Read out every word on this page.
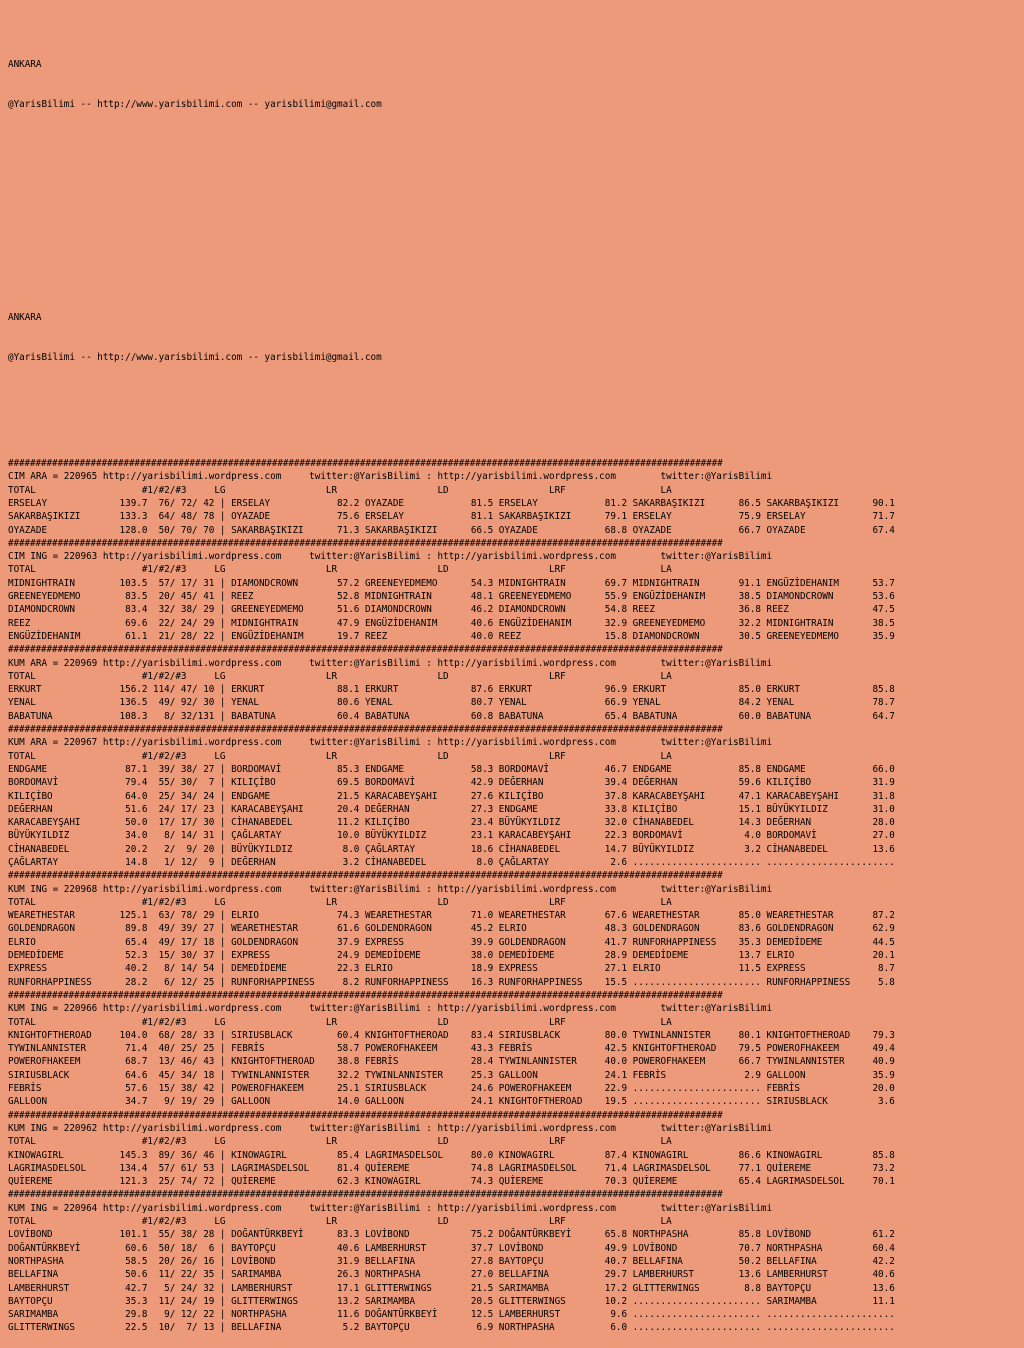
ANKARA

@YarisBilimi -- http://www.yarisbilimi.com -- yarisbilimi@gmail.com

ANKARA

@YarisBilimi -- http://www.yarisbilimi.com -- yarisbilimi@gmail.com

##################################################################################################################################
CIM ARA = 220965 http://yarisbilimi.wordpress.com     twitter:@YarisBilimi : http://yarisbilimi.wordpress.com        twitter:@YarisBilimi
TOTAL                   #1/#2/#3     LG                  LR                  LD                  LRF                 LA
ERSELAY             139.7  76/ 72/ 42 | ERSELAY            82.2 OYAZADE            81.5 ERSELAY            81.2 SAKARBAŞIKIZI      86.5 SAKARBAŞIKIZI      90.1
SAKARBAŞIKIZI       133.3  64/ 48/ 78 | OYAZADE            75.6 ERSELAY            81.1 SAKARBAŞIKIZI      79.1 ERSELAY            75.9 ERSELAY            71.7
OYAZADE             128.0  50/ 70/ 70 | SAKARBAŞIKIZI      71.3 SAKARBAŞIKIZI      66.5 OYAZADE            68.8 OYAZADE            66.7 OYAZADE            67.4
##################################################################################################################################
CIM ING = 220963 http://yarisbilimi.wordpress.com     twitter:@YarisBilimi : http://yarisbilimi.wordpress.com        twitter:@YarisBilimi
TOTAL                   #1/#2/#3     LG                  LR                  LD                  LRF                 LA
MIDNIGHTRAIN        103.5  57/ 17/ 31 | DIAMONDCROWN       57.2 GREENEYEDMEMO      54.3 MIDNIGHTRAIN       69.7 MIDNIGHTRAIN       91.1 ENGÜZİDEHANIM      53.7
GREENEYEDMEMO        83.5  20/ 45/ 41 | REEZ               52.8 MIDNIGHTRAIN       48.1 GREENEYEDMEMO      55.9 ENGÜZİDEHANIM      38.5 DIAMONDCROWN       53.6
DIAMONDCROWN         83.4  32/ 38/ 29 | GREENEYEDMEMO      51.6 DIAMONDCROWN       46.2 DIAMONDCROWN       54.8 REEZ               36.8 REEZ               47.5
REEZ                 69.6  22/ 24/ 29 | MIDNIGHTRAIN       47.9 ENGÜZİDEHANIM      40.6 ENGÜZİDEHANIM      32.9 GREENEYEDMEMO      32.2 MIDNIGHTRAIN       38.5
ENGÜZİDEHANIM        61.1  21/ 28/ 22 | ENGÜZİDEHANIM      19.7 REEZ               40.0 REEZ               15.8 DIAMONDCROWN       30.5 GREENEYEDMEMO      35.9
##################################################################################################################################
KUM ARA = 220969 http://yarisbilimi.wordpress.com     twitter:@YarisBilimi : http://yarisbilimi.wordpress.com        twitter:@YarisBilimi
TOTAL                   #1/#2/#3     LG                  LR                  LD                  LRF                 LA
ERKURT              156.2 114/ 47/ 10 | ERKURT             88.1 ERKURT             87.6 ERKURT             96.9 ERKURT             85.0 ERKURT             85.8
YENAL               136.5  49/ 92/ 30 | YENAL              80.6 YENAL              80.7 YENAL              66.9 YENAL              84.2 YENAL              78.7
BABATUNA            108.3   8/ 32/131 | BABATUNA           60.4 BABATUNA           60.8 BABATUNA           65.4 BABATUNA           60.0 BABATUNA           64.7
##################################################################################################################################
KUM ARA = 220967 http://yarisbilimi.wordpress.com     twitter:@YarisBilimi : http://yarisbilimi.wordpress.com        twitter:@YarisBilimi
TOTAL                   #1/#2/#3     LG                  LR                  LD                  LRF                 LA
ENDGAME              87.1  39/ 38/ 27 | BORDOMAVİ          85.3 ENDGAME            58.3 BORDOMAVİ          46.7 ENDGAME            85.8 ENDGAME            66.0
BORDOMAVİ            79.4  55/ 30/  7 | KILIÇİBO           69.5 BORDOMAVİ          42.9 DEĞERHAN           39.4 DEĞERHAN           59.6 KILIÇİBO           31.9
KILIÇİBO             64.0  25/ 34/ 24 | ENDGAME            21.5 KARACABEYŞAHI      27.6 KILIÇİBO           37.8 KARACABEYŞAHI      47.1 KARACABEYŞAHI      31.8
DEĞERHAN             51.6  24/ 17/ 23 | KARACABEYŞAHI      20.4 DEĞERHAN           27.3 ENDGAME            33.8 KILIÇİBO           15.1 BÜYÜKYILDIZ        31.0
KARACABEYŞAHI        50.0  17/ 17/ 30 | CİHANABEDEL        11.2 KILIÇİBO           23.4 BÜYÜKYILDIZ        32.0 CİHANABEDEL        14.3 DEĞERHAN           28.0
BÜYÜKYILDIZ          34.0   8/ 14/ 31 | ÇAĞLARTAY          10.0 BÜYÜKYILDIZ        23.1 KARACABEYŞAHI      22.3 BORDOMAVİ           4.0 BORDOMAVİ          27.0
CİHANABEDEL          20.2   2/  9/ 20 | BÜYÜKYILDIZ         8.0 ÇAĞLARTAY          18.6 CİHANABEDEL        14.7 BÜYÜKYILDIZ         3.2 CİHANABEDEL        13.6
ÇAĞLARTAY            14.8   1/ 12/  9 | DEĞERHAN            3.2 CİHANABEDEL         8.0 ÇAĞLARTAY           2.6 ....................... .......................
##################################################################################################################################
KUM ING = 220968 http://yarisbilimi.wordpress.com     twitter:@YarisBilimi : http://yarisbilimi.wordpress.com        twitter:@YarisBilimi
TOTAL                   #1/#2/#3     LG                  LR                  LD                  LRF                 LA
WEARETHESTAR        125.1  63/ 78/ 29 | ELRIO              74.3 WEARETHESTAR       71.0 WEARETHESTAR       67.6 WEARETHESTAR       85.0 WEARETHESTAR       87.2
GOLDENDRAGON         89.8  49/ 39/ 27 | WEARETHESTAR       61.6 GOLDENDRAGON       45.2 ELRIO              48.3 GOLDENDRAGON       83.6 GOLDENDRAGON       62.9
ELRIO                65.4  49/ 17/ 18 | GOLDENDRAGON       37.9 EXPRESS            39.9 GOLDENDRAGON       41.7 RUNFORHAPPINESS    35.3 DEMEDİDEME         44.5
DEMEDİDEME           52.3  15/ 30/ 37 | EXPRESS            24.9 DEMEDİDEME         38.0 DEMEDİDEME         28.9 DEMEDİDEME         13.7 ELRIO              20.1
EXPRESS              40.2   8/ 14/ 54 | DEMEDİDEME         22.3 ELRIO              18.9 EXPRESS            27.1 ELRIO              11.5 EXPRESS             8.7
RUNFORHAPPINESS      28.2   6/ 12/ 25 | RUNFORHAPPINESS     8.2 RUNFORHAPPINESS    16.3 RUNFORHAPPINESS    15.5 ....................... RUNFORHAPPINESS     5.8
##################################################################################################################################
KUM ING = 220966 http://yarisbilimi.wordpress.com     twitter:@YarisBilimi : http://yarisbilimi.wordpress.com        twitter:@YarisBilimi
TOTAL                   #1/#2/#3     LG                  LR                  LD                  LRF                 LA
KNIGHTOFTHEROAD     104.0  68/ 28/ 33 | SIRIUSBLACK        60.4 KNIGHTOFTHEROAD    83.4 SIRIUSBLACK        80.0 TYWINLANNISTER     80.1 KNIGHTOFTHEROAD    79.3
TYWINLANNISTER       71.4  40/ 25/ 25 | FEBRİS             58.7 POWEROFHAKEEM      43.3 FEBRİS             42.5 KNIGHTOFTHEROAD    79.5 POWEROFHAKEEM      49.4
POWEROFHAKEEM        68.7  13/ 46/ 43 | KNIGHTOFTHEROAD    38.8 FEBRİS             28.4 TYWINLANNISTER     40.0 POWEROFHAKEEM      66.7 TYWINLANNISTER     40.9
SIRIUSBLACK          64.6  45/ 34/ 18 | TYWINLANNISTER     32.2 TYWINLANNISTER     25.3 GALLOON            24.1 FEBRİS              2.9 GALLOON            35.9
FEBRİS               57.6  15/ 38/ 42 | POWEROFHAKEEM      25.1 SIRIUSBLACK        24.6 POWEROFHAKEEM      22.9 ....................... FEBRİS             20.0
GALLOON              34.7   9/ 19/ 29 | GALLOON            14.0 GALLOON            24.1 KNIGHTOFTHEROAD    19.5 ....................... SIRIUSBLACK         3.6
##################################################################################################################################
KUM ING = 220962 http://yarisbilimi.wordpress.com     twitter:@YarisBilimi : http://yarisbilimi.wordpress.com        twitter:@YarisBilimi
TOTAL                   #1/#2/#3     LG                  LR                  LD                  LRF                 LA
KINOWAGIRL          145.3  89/ 36/ 46 | KINOWAGIRL         85.4 LAGRIMASDELSOL     80.0 KINOWAGIRL         87.4 KINOWAGIRL         86.6 KINOWAGIRL         85.8
LAGRIMASDELSOL      134.4  57/ 61/ 53 | LAGRIMASDELSOL     81.4 QUİEREME           74.8 LAGRIMASDELSOL     71.4 LAGRIMASDELSOL     77.1 QUİEREME           73.2
QUİEREME            121.3  25/ 74/ 72 | QUİEREME           62.3 KINOWAGIRL         74.3 QUİEREME           70.3 QUİEREME           65.4 LAGRIMASDELSOL     70.1
##################################################################################################################################
KUM ING = 220964 http://yarisbilimi.wordpress.com     twitter:@YarisBilimi : http://yarisbilimi.wordpress.com        twitter:@YarisBilimi
TOTAL                   #1/#2/#3     LG                  LR                  LD                  LRF                 LA
LOVİBOND            101.1  55/ 38/ 28 | DOĞANTÜRKBEYİ      83.3 LOVİBOND           75.2 DOĞANTÜRKBEYİ      65.8 NORTHPASHA         85.8 LOVİBOND           61.2
DOĞANTÜRKBEYİ        60.6  50/ 18/  6 | BAYTOPÇU           40.6 LAMBERHURST        37.7 LOVİBOND           49.9 LOVİBOND           70.7 NORTHPASHA         60.4
NORTHPASHA           58.5  20/ 26/ 16 | LOVİBOND           31.9 BELLAFINA          27.8 BAYTOPÇU           40.7 BELLAFINA          50.2 BELLAFINA          42.2
BELLAFINA            50.6  11/ 22/ 35 | SARIMAMBA          26.3 NORTHPASHA         27.0 BELLAFINA          29.7 LAMBERHURST        13.6 LAMBERHURST        40.6
LAMBERHURST          42.7   5/ 24/ 32 | LAMBERHURST        17.1 GLITTERWINGS       21.5 SARIMAMBA          17.2 GLITTERWINGS        8.8 BAYTOPÇU           13.6
BAYTOPÇU             35.3  11/ 24/ 19 | GLITTERWINGS       13.2 SARIMAMBA          20.5 GLITTERWINGS       10.2 ....................... SARIMAMBA          11.1
SARIMAMBA            29.8   9/ 12/ 22 | NORTHPASHA         11.6 DOĞANTÜRKBEYİ      12.5 LAMBERHURST         9.6 ....................... .......................
GLITTERWINGS         22.5  10/  7/ 13 | BELLAFINA           5.2 BAYTOPÇU            6.9 NORTHPASHA          6.0 ....................... .......................
